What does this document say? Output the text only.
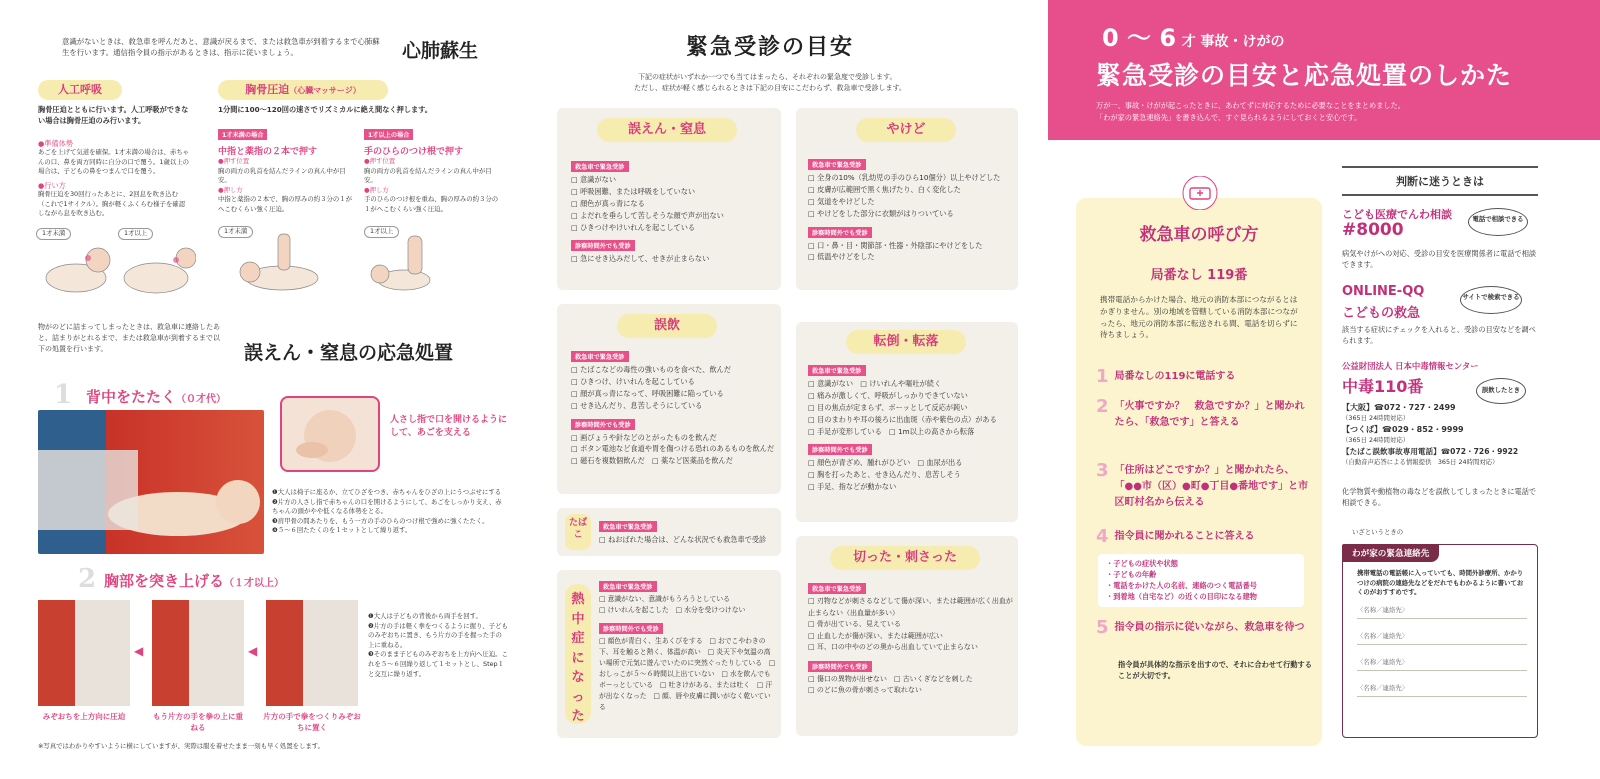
意識がないときは、救急車を呼んだあと、意識が戻るまで、または救急車が到着するまで心肺蘇生を行います。通信指令員の指示があるときは、指示に従いましょう。	心肺蘇生
人工呼吸
胸骨圧迫とともに行います。人工呼吸ができない場合は胸骨圧迫のみ行います。
●準備体勢
あごを上げて気道を確保。1才未満の場合は、赤ちゃんの口、鼻を両方同時に自分の口で覆う。1歳以上の場合は、子どもの鼻をつまんで口を覆う。
●行い方
胸骨圧迫を30回行ったあとに、2回息を吹き込む（これで1サイクル）。胸が軽くふくらむ様子を確認しながら息を吹き込む。
1才未満	1才以上
胸骨圧迫（心臓マッサージ）
1分間に100〜120回の速さでリズミカルに絶え間なく押します。
1才未満の場合
中指と薬指の２本で押す
●押す位置
胸の両方の乳首を結んだラインの真ん中が目安。
●押し方
中指と薬指の２本で、胸の厚みの約３分の１がへこむくらい強く圧迫。
1才以上の場合
手のひらのつけ根で押す
●押す位置
胸の両方の乳首を結んだラインの真ん中が目安。
●押し方
手のひらのつけ根を重ね、胸の厚みの約３分の１がへこむくらい強く圧迫。
1才未満	1才以上
物がのどに詰まってしまったときは、救急車に連絡したあと、詰まりがとれるまで、または救急車が到着するまで以下の処置を行います。	誤えん・窒息の応急処置
1 背中をたたく（０才代）
人さし指で口を開けるようにして、あごを支える
❶大人は椅子に座るか、立てひざをつき、赤ちゃんをひざの上にうつぶせにする
❷片方の人さし指で赤ちゃんの口を開けるようにして、あごをしっかり支え、赤ちゃんの頭がやや低くなる体勢をとる。
❸肩甲骨の間あたりを、もう一方の手のひらのつけ根で強めに強くたたく。
❹５〜６回たたくのを１セットとして繰り返す。
2 胸部を突き上げる（１才以上）
◀	◀
みぞおちを上方向に圧迫	もう片方の手を拳の上に重ねる
片方の手で拳をつくりみぞおちに置く
❶大人は子どもの背後から両手を回す。
❷片方の手は軽く拳をつくるように握り、子どものみぞおちに置き、もう片方の手を握った手の上に重ねる。
❸そのまま子どものみぞおちを上方向へ圧迫。これを５〜６回繰り返して１セットとし、Step１と交互に繰り返す。
※写真ではわかりやすいように横にしていますが、実際は服を着せたまま一刻も早く処置をします。
緊急受診の目安
下記の症状がいずれか一つでも当てはまったら、それぞれの緊急度で受診します。
ただし、症状が軽く感じられるときは下記の目安にこだわらず、救急車で受診します。
誤えん・窒息
救急車で緊急受診
□ 意識がない
□ 呼吸困難、または呼吸をしていない
□ 顔色が真っ青になる
□ よだれを垂らして苦しそうな顔で声が出ない
□ ひきつけやけいれんを起こしている
診察時間外でも受診
□ 急にせき込みだして、せきが止まらない
誤飲
救急車で緊急受診
□ たばこなどの毒性の強いものを食べた、飲んだ
□ ひきつけ、けいれんを起こしている
□ 顔が真っ青になって、呼吸困難に陥っている
□ せき込んだり、息苦しそうにしている
診察時間外でも受診
□ 画びょうや針などのとがったものを飲んだ
□ ボタン電池など食道や胃を傷つける恐れのあるものを飲んだ
□ 磁石を複数個飲んだ　□ 薬など医薬品を飲んだ
たばこ
救急車で緊急受診
□ ねおばれた場合は、どんな状況でも救急車で受診
熱中症になった
救急車で緊急受診
□ 意識がない、意識がもうろうとしている
□ けいれんを起こした　□ 水分を受けつけない
診察時間外でも受診
□ 顔色が青白く、生あくびをする　□ おでこやわきの下、耳を触ると熱く、体温が高い　□ 炎天下や気温の高い場所で元気に遊んでいたのに突然ぐったりしている　□ おしっこが５〜６時間以上出ていない　□ 水を飲んでもボーっとしている　□ 吐きけがある、または吐く　□ 汗が出なくなった　□ 顔、唇や皮膚に潤いがなく乾いている
やけど
救急車で緊急受診
□ 全身の10%（乳幼児の手のひら10個分）以上やけどした
□ 皮膚が広範囲で黒く焦げたり、白く変化した
□ 気道をやけどした
□ やけどをした部分に衣類がはりついている
診察時間外でも受診
□ 口・鼻・目・関節部・性器・外陰部にやけどをした
□ 低温やけどをした
転倒・転落
救急車で緊急受診
□ 意識がない　□ けいれんや嘔吐が続く
□ 痛みが激しくて、呼吸がしっかりできていない
□ 目の焦点が定まらず、ボーッとして反応が鈍い
□ 目のまわりや耳の後ろに出血斑（赤や紫色の点）がある
□ 手足が変形している　□ 1m以上の高さから転落
診察時間外でも受診
□ 顔色が青ざめ、腫れがひどい　□ 血尿が出る
□ 胸を打ったあと、せき込んだり、息苦しそう
□ 手足、指などが動かない
切った・刺さった
救急車で緊急受診
□ 刃物などが刺さるなどして傷が深い、または範囲が広く出血が止まらない（出血量が多い）
□ 骨が出ている、見えている
□ 止血したが傷が深い、または範囲が広い
□ 耳、口の中やのどの奥から出血していて止まらない
診察時間外でも受診
□ 傷口の異物が出せない　□ 古いくぎなどを刺した
□ のどに魚の骨が刺さって取れない
0 〜 6 才 事故・けがの
緊急受診の目安と応急処置のしかた
万が一、事故・けがが起こったときに、あわてずに対応するために必要なことをまとめました。
「わが家の緊急連絡先」を書き込んで、すぐ見られるようにしておくと安心です。
救急車の呼び方
局番なし 119番
携帯電話からかけた場合、地元の消防本部につながるとはかぎりません。別の地域を管轄している消防本部につながったら、地元の消防本部に転送される間、電話を切らずに待ちましょう。
1 局番なしの119に電話する
2 「火事ですか？　救急ですか？」と聞かれたら、「救急です」と答える
3 「住所はどこですか？」と聞かれたら、「●●市（区）●町●丁目●番地です」と市区町村名から伝える
4 指令員に聞かれることに答える
・子どもの症状や状態
・子どもの年齢
・電話をかけた人の名前、連絡のつく電話番号
・到着地（自宅など）の近くの目印になる建物
5 指令員の指示に従いながら、救急車を待つ
指令員が具体的な指示を出すので、それに合わせて行動することが大切です。
判断に迷うときは
こども医療でんわ相談
#8000
電話で相談できる
病気やけがへの対応、受診の目安を医療関係者に電話で相談できます。
ONLINE-QQ
こどもの救急
サイトで検索できる
該当する症状にチェックを入れると、受診の目安などを調べられます。
公益財団法人 日本中毒情報センター
中毒110番	誤飲したとき
【大阪】☎072・727・2499
（365日 24時間対応）
【つくば】☎029・852・9999
（365日 24時間対応）
【たばこ誤飲事故専用電話】☎072・726・9922
（自動音声応答による情報提供　365日 24時間対応）
化学物質や動植物の毒などを誤飲してしまったときに電話で相談できる。
いざというときの
わが家の緊急連絡先
携帯電話の電話帳に入っていても、時間外診療所、かかりつけの病院の連絡先などをだれでもわかるように書いておくのがおすすめです。
〈名称／連絡先〉
〈名称／連絡先〉
〈名称／連絡先〉
〈名称／連絡先〉
